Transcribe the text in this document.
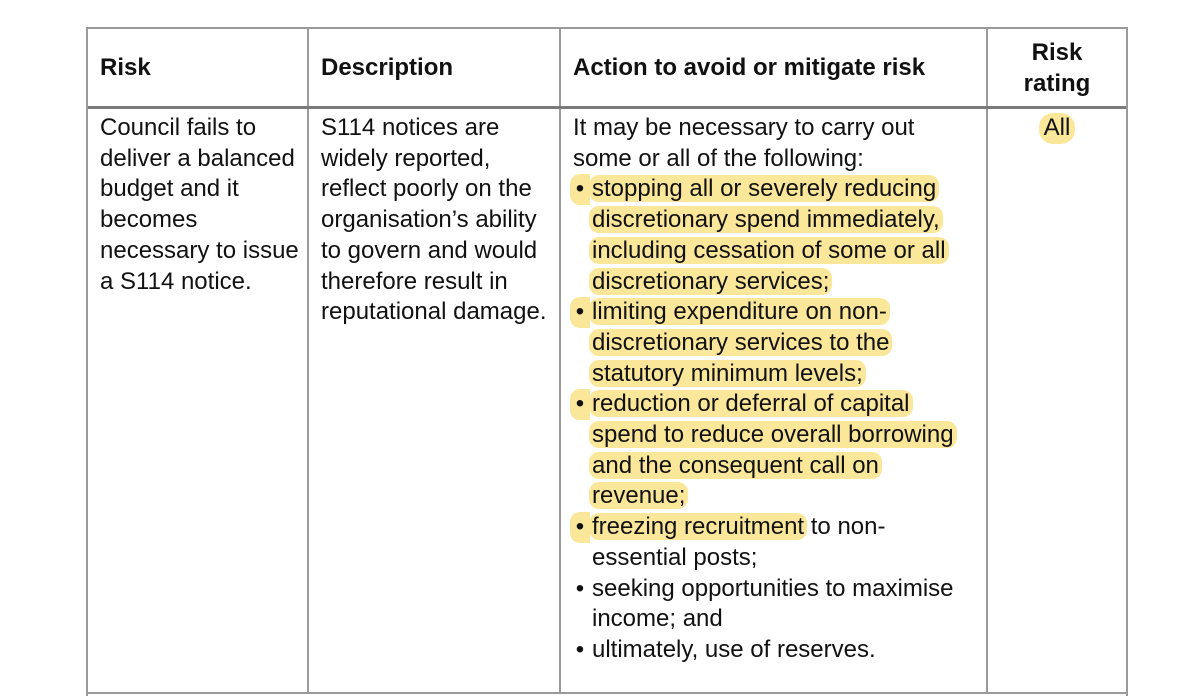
Risk	Description	Action to avoid or mitigate risk
Risk
rating

Council fails to deliver a balanced budget and it becomes necessary to issue a S114 notice.

S114 notices are widely reported, reflect poorly on the organisation’s ability to govern and would therefore result in reputational damage.

It may be necessary to carry out some or all of the following:

• stopping all or severely reducing discretionary spend immediately, including cessation of some or all discretionary services;
• limiting expenditure on non-discretionary services to the statutory minimum levels;
• reduction or deferral of capital spend to reduce overall borrowing and the consequent call on revenue;
• freezing recruitment to non-essential posts;
• seeking opportunities to maximise income; and
• ultimately, use of reserves.
All
